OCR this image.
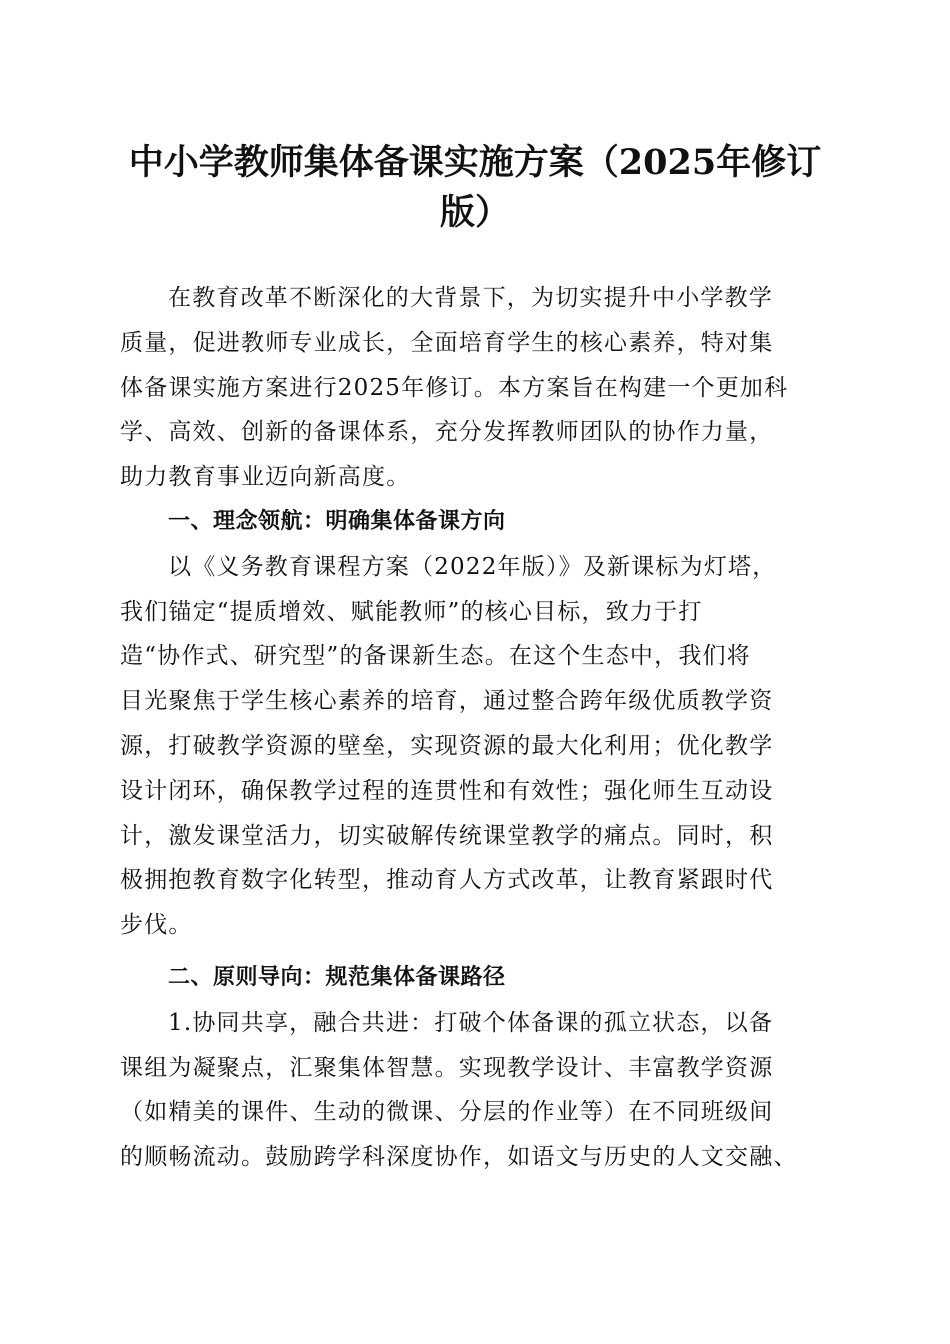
中小学教师集体备课实施方案（2025年修订
版）

在教育改革不断深化的大背景下，为切实提升中小学教学
质量，促进教师专业成长，全面培育学生的核心素养，特对集
体备课实施方案进行2025年修订。本方案旨在构建一个更加科
学、高效、创新的备课体系，充分发挥教师团队的协作力量，
助力教育事业迈向新高度。

一、理念领航：明确集体备课方向

以《义务教育课程方案（2022年版）》及新课标为灯塔，
我们锚定“提质增效、赋能教师”的核心目标，致力于打
造“协作式、研究型”的备课新生态。在这个生态中，我们将
目光聚焦于学生核心素养的培育，通过整合跨年级优质教学资
源，打破教学资源的壁垒，实现资源的最大化利用；优化教学
设计闭环，确保教学过程的连贯性和有效性；强化师生互动设
计，激发课堂活力，切实破解传统课堂教学的痛点。同时，积
极拥抱教育数字化转型，推动育人方式改革，让教育紧跟时代
步伐。

二、原则导向：规范集体备课路径

1.协同共享，融合共进：打破个体备课的孤立状态，以备
课组为凝聚点，汇聚集体智慧。实现教学设计、丰富教学资源
（如精美的课件、生动的微课、分层的作业等）在不同班级间
的顺畅流动。鼓励跨学科深度协作，如语文与历史的人文交融、
